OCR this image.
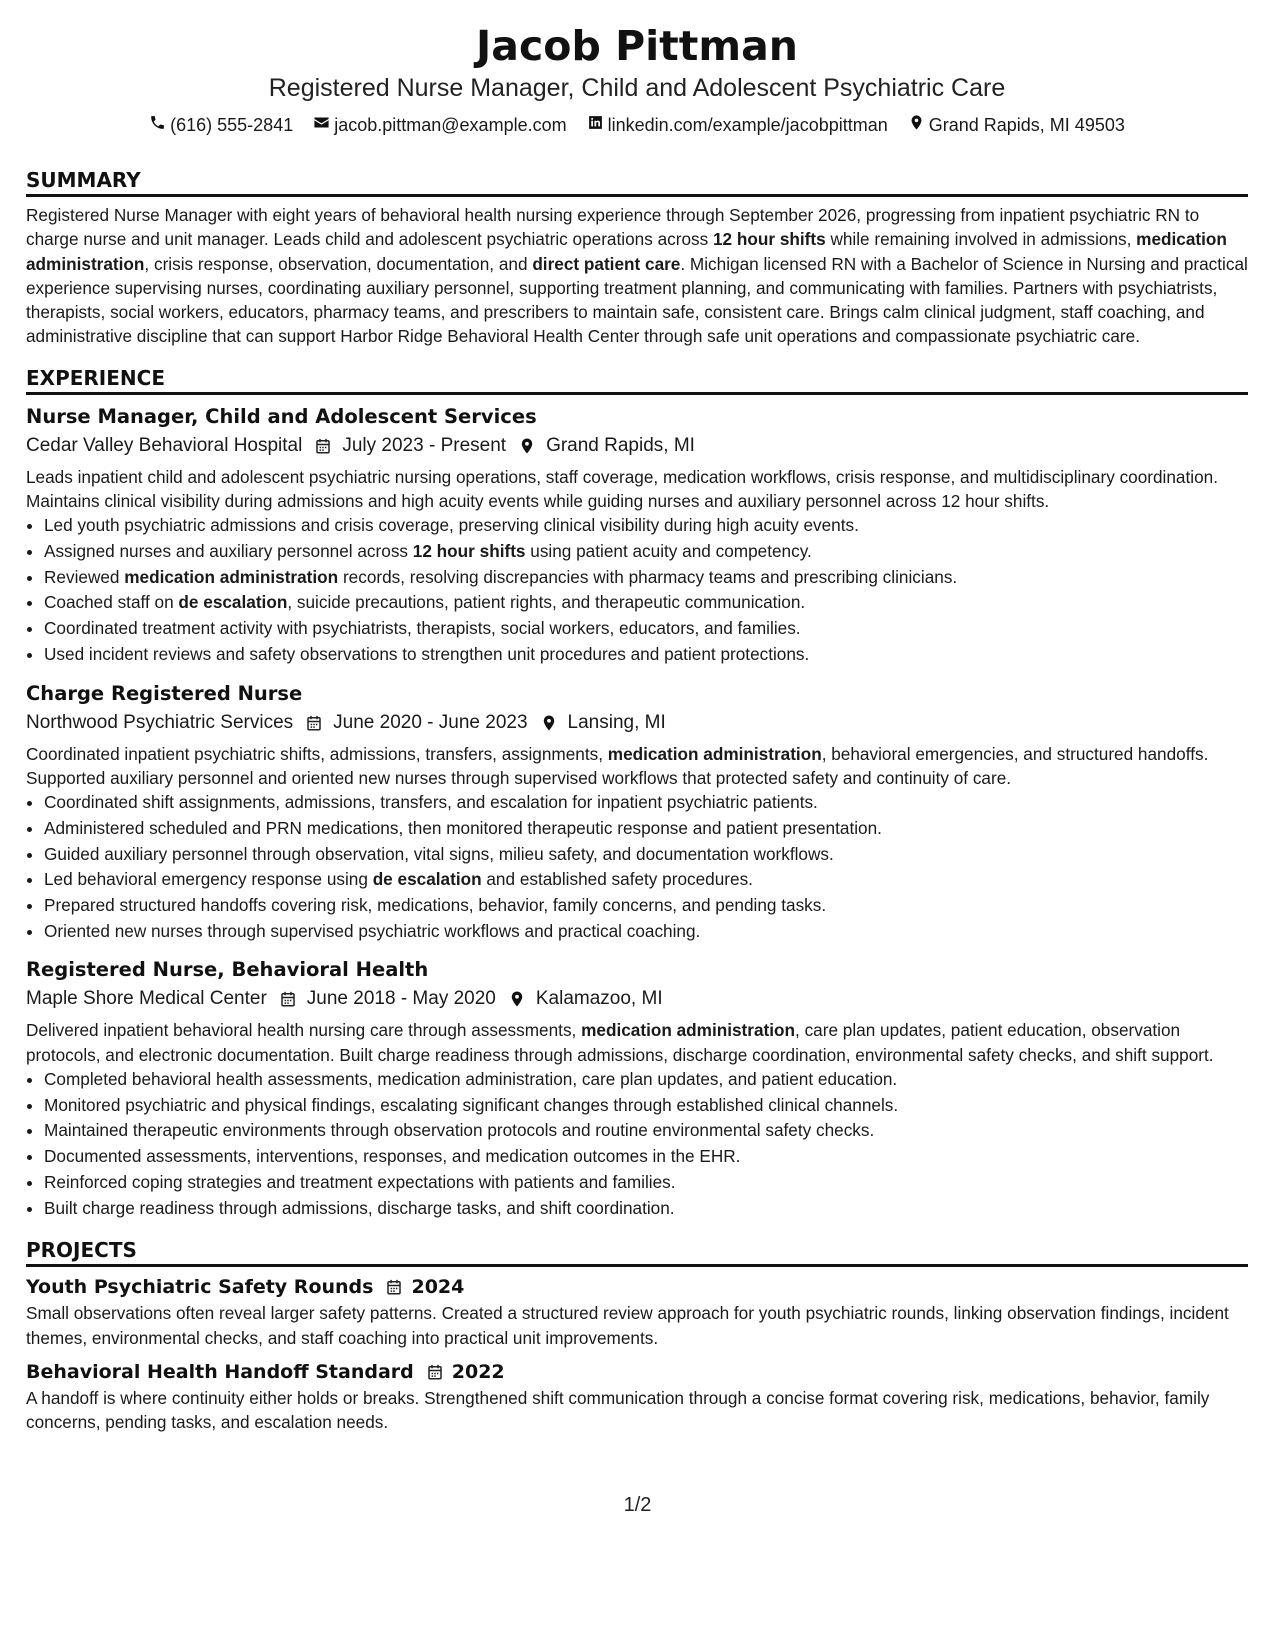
Jacob Pittman

Registered Nurse Manager, Child and Adolescent Psychiatric Care

(616) 555-2841 jacob.pittman@example.com linkedin.com/example/jacobpittman Grand Rapids, MI 49503
SUMMARY

Registered Nurse Manager with eight years of behavioral health nursing experience through September 2026, progressing from inpatient psychiatric RN to charge nurse and unit manager. Leads child and adolescent psychiatric operations across 12 hour shifts while remaining involved in admissions, medication administration, crisis response, observation, documentation, and direct patient care. Michigan licensed RN with a Bachelor of Science in Nursing and practical experience supervising nurses, coordinating auxiliary personnel, supporting treatment planning, and communicating with families. Partners with psychiatrists, therapists, social workers, educators, pharmacy teams, and prescribers to maintain safe, consistent care. Brings calm clinical judgment, staff coaching, and administrative discipline that can support Harbor Ridge Behavioral Health Center through safe unit operations and compassionate psychiatric care.

EXPERIENCE
Nurse Manager, Child and Adolescent Services
Cedar Valley Behavioral Hospital July 2023 - Present Grand Rapids, MI

Leads inpatient child and adolescent psychiatric nursing operations, staff coverage, medication workflows, crisis response, and multidisciplinary coordination. Maintains clinical visibility during admissions and high acuity events while guiding nurses and auxiliary personnel across 12 hour shifts.

• Led youth psychiatric admissions and crisis coverage, preserving clinical visibility during high acuity events.
• Assigned nurses and auxiliary personnel across 12 hour shifts using patient acuity and competency.
• Reviewed medication administration records, resolving discrepancies with pharmacy teams and prescribing clinicians.
• Coached staff on de escalation, suicide precautions, patient rights, and therapeutic communication.
• Coordinated treatment activity with psychiatrists, therapists, social workers, educators, and families.
• Used incident reviews and safety observations to strengthen unit procedures and patient protections.
Charge Registered Nurse
Northwood Psychiatric Services June 2020 - June 2023 Lansing, MI

Coordinated inpatient psychiatric shifts, admissions, transfers, assignments, medication administration, behavioral emergencies, and structured handoffs. Supported auxiliary personnel and oriented new nurses through supervised workflows that protected safety and continuity of care.

• Coordinated shift assignments, admissions, transfers, and escalation for inpatient psychiatric patients.
• Administered scheduled and PRN medications, then monitored therapeutic response and patient presentation.
• Guided auxiliary personnel through observation, vital signs, milieu safety, and documentation workflows.
• Led behavioral emergency response using de escalation and established safety procedures.
• Prepared structured handoffs covering risk, medications, behavior, family concerns, and pending tasks.
• Oriented new nurses through supervised psychiatric workflows and practical coaching.
Registered Nurse, Behavioral Health
Maple Shore Medical Center June 2018 - May 2020 Kalamazoo, MI

Delivered inpatient behavioral health nursing care through assessments, medication administration, care plan updates, patient education, observation protocols, and electronic documentation. Built charge readiness through admissions, discharge coordination, environmental safety checks, and shift support.

• Completed behavioral health assessments, medication administration, care plan updates, and patient education.
• Monitored psychiatric and physical findings, escalating significant changes through established clinical channels.
• Maintained therapeutic environments through observation protocols and routine environmental safety checks.
• Documented assessments, interventions, responses, and medication outcomes in the EHR.
• Reinforced coping strategies and treatment expectations with patients and families.
• Built charge readiness through admissions, discharge tasks, and shift coordination.
PROJECTS
Youth Psychiatric Safety Rounds 2024

Small observations often reveal larger safety patterns. Created a structured review approach for youth psychiatric rounds, linking observation findings, incident themes, environmental checks, and staff coaching into practical unit improvements.

Behavioral Health Handoff Standard 2022

A handoff is where continuity either holds or breaks. Strengthened shift communication through a concise format covering risk, medications, behavior, family concerns, pending tasks, and escalation needs.

1/2
